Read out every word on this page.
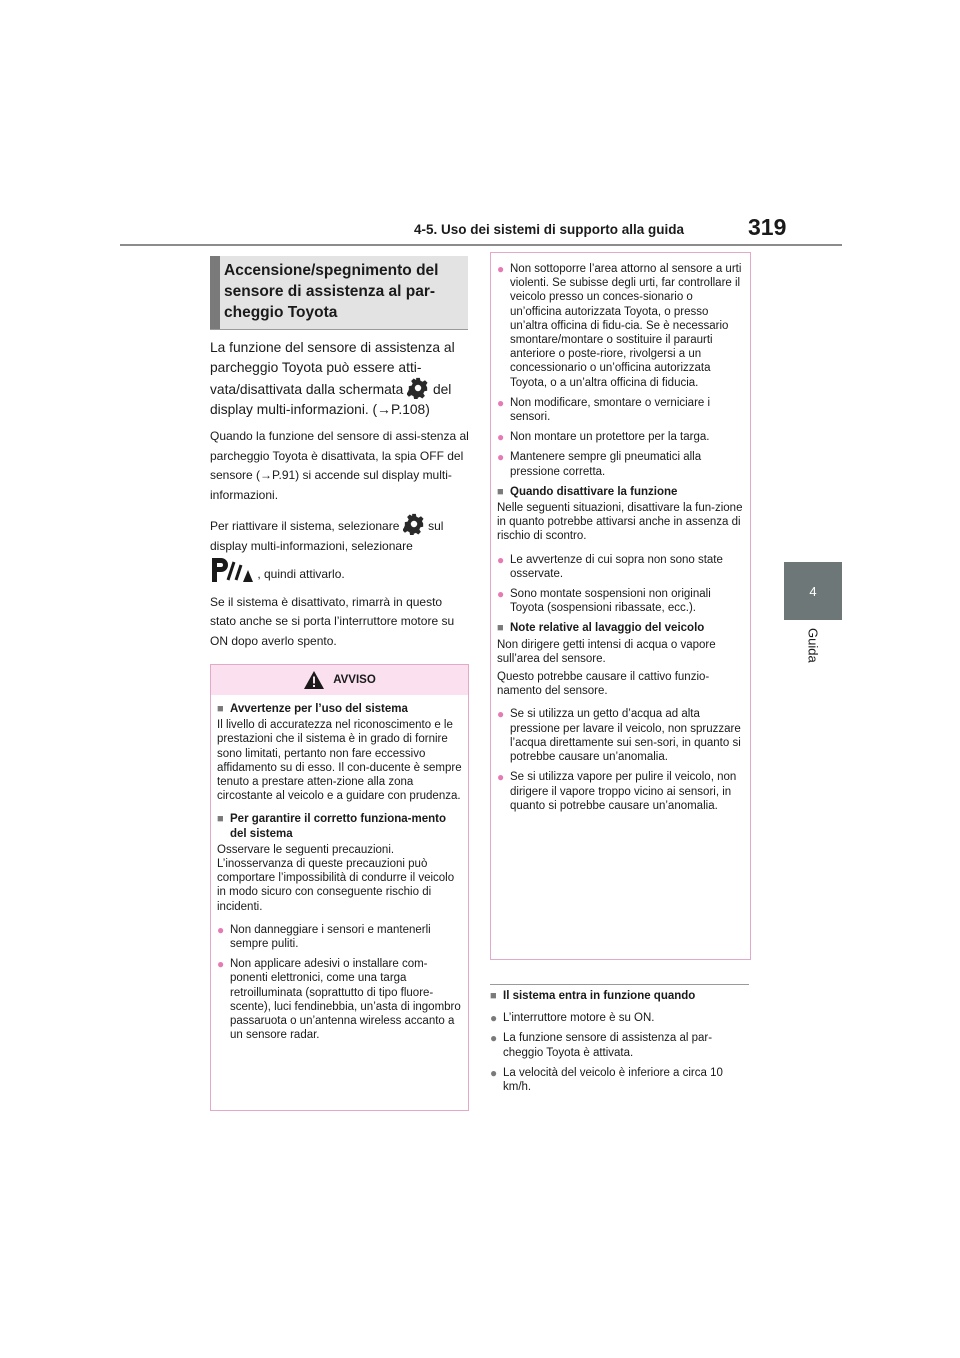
4-5. Uso dei sistemi di supporto alla guida	319
4
Guida
Accensione/spegnimento del sensore di assistenza al par-cheggio Toyota

La funzione del sensore di assistenza al parcheggio Toyota può essere atti- vata/disattivata dalla schermata del display multi-informazioni. (→P.108)

Quando la funzione del sensore di assi-stenza al parcheggio Toyota è disattivata, la spia OFF del sensore (→P.91) si accende sul display multi-informazioni.

Per riattivare il sistema, selezionare sul display multi-informazioni, selezionare
, quindi attivarlo.

Se il sistema è disattivato, rimarrà in questo stato anche se si porta l’interruttore motore su ON dopo averlo spento.

AVVISO
■ Avvertenze per l’uso del sistema
Il livello di accuratezza nel riconoscimento e le prestazioni che il sistema è in grado di fornire sono limitati, pertanto non fare eccessivo affidamento su di esso. Il con-ducente è sempre tenuto a prestare atten-zione alla zona circostante al veicolo e a guidare con prudenza.
■ Per garantire il corretto funziona-mento del sistema
Osservare le seguenti precauzioni. L’inosservanza di queste precauzioni può comportare l’impossibilità di condurre il veicolo in modo sicuro con conseguente rischio di incidenti.
● Non danneggiare i sensori e mantenerli sempre puliti.
● Non applicare adesivi o installare com-ponenti elettronici, come una targa retroilluminata (soprattutto di tipo fluore-scente), luci fendinebbia, un’asta di ingombro passaruota o un’antenna wireless accanto a un sensore radar.
● Non sottoporre l’area attorno al sensore a urti violenti. Se subisse degli urti, far controllare il veicolo presso un conces-sionario o un’officina autorizzata Toyota, o presso un’altra officina di fidu-cia. Se è necessario smontare/montare o sostituire il paraurti anteriore o poste-riore, rivolgersi a un concessionario o un’officina autorizzata Toyota, o a un’altra officina di fiducia.
● Non modificare, smontare o verniciare i sensori.
● Non montare un protettore per la targa.
● Mantenere sempre gli pneumatici alla pressione corretta.
■ Quando disattivare la funzione
Nelle seguenti situazioni, disattivare la fun-zione in quanto potrebbe attivarsi anche in assenza di rischio di scontro.
● Le avvertenze di cui sopra non sono state osservate.
● Sono montate sospensioni non originali Toyota (sospensioni ribassate, ecc.).
■ Note relative al lavaggio del veicolo
Non dirigere getti intensi di acqua o vapore sull’area del sensore.
Questo potrebbe causare il cattivo funzio-namento del sensore.
● Se si utilizza un getto d’acqua ad alta pressione per lavare il veicolo, non spruzzare l’acqua direttamente sui sen-sori, in quanto si potrebbe causare un’anomalia.
● Se si utilizza vapore per pulire il veicolo, non dirigere il vapore troppo vicino ai sensori, in quanto si potrebbe causare un’anomalia.
■ Il sistema entra in funzione quando
● L’interruttore motore è su ON.
● La funzione sensore di assistenza al par-cheggio Toyota è attivata.
● La velocità del veicolo è inferiore a circa 10 km/h.
